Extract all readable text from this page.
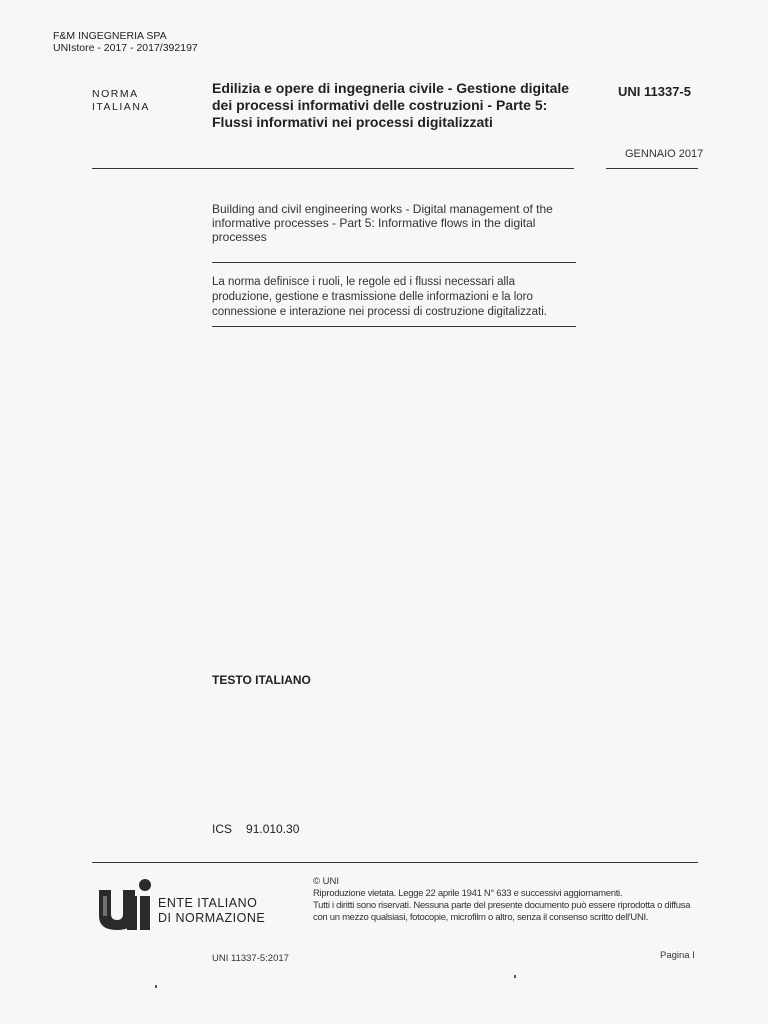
F&M INGEGNERIA SPA
UNIstore - 2017 - 2017/392197
NORMA
ITALIANA
Edilizia e opere di ingegneria civile - Gestione digitale
dei processi informativi delle costruzioni - Parte 5:
Flussi informativi nei processi digitalizzati
UNI 11337-5
GENNAIO 2017
Building and civil engineering works - Digital management of the
informative processes - Part 5: Informative flows in the digital
processes
La norma definisce i ruoli, le regole ed i flussi necessari alla
produzione, gestione e trasmissione delle informazioni e la loro
connessione e interazione nei processi di costruzione digitalizzati.
TESTO ITALIANO
ICS 91.010.30
ENTE ITALIANO
DI NORMAZIONE
© UNI
Riproduzione vietata. Legge 22 aprile 1941 N° 633 e successivi aggiornamenti.
Tutti i diritti sono riservati. Nessuna parte del presente documento può essere riprodotta o diffusa
con un mezzo qualsiasi, fotocopie, microfilm o altro, senza il consenso scritto dell'UNI.
UNI 11337-5:2017	Pagina I
